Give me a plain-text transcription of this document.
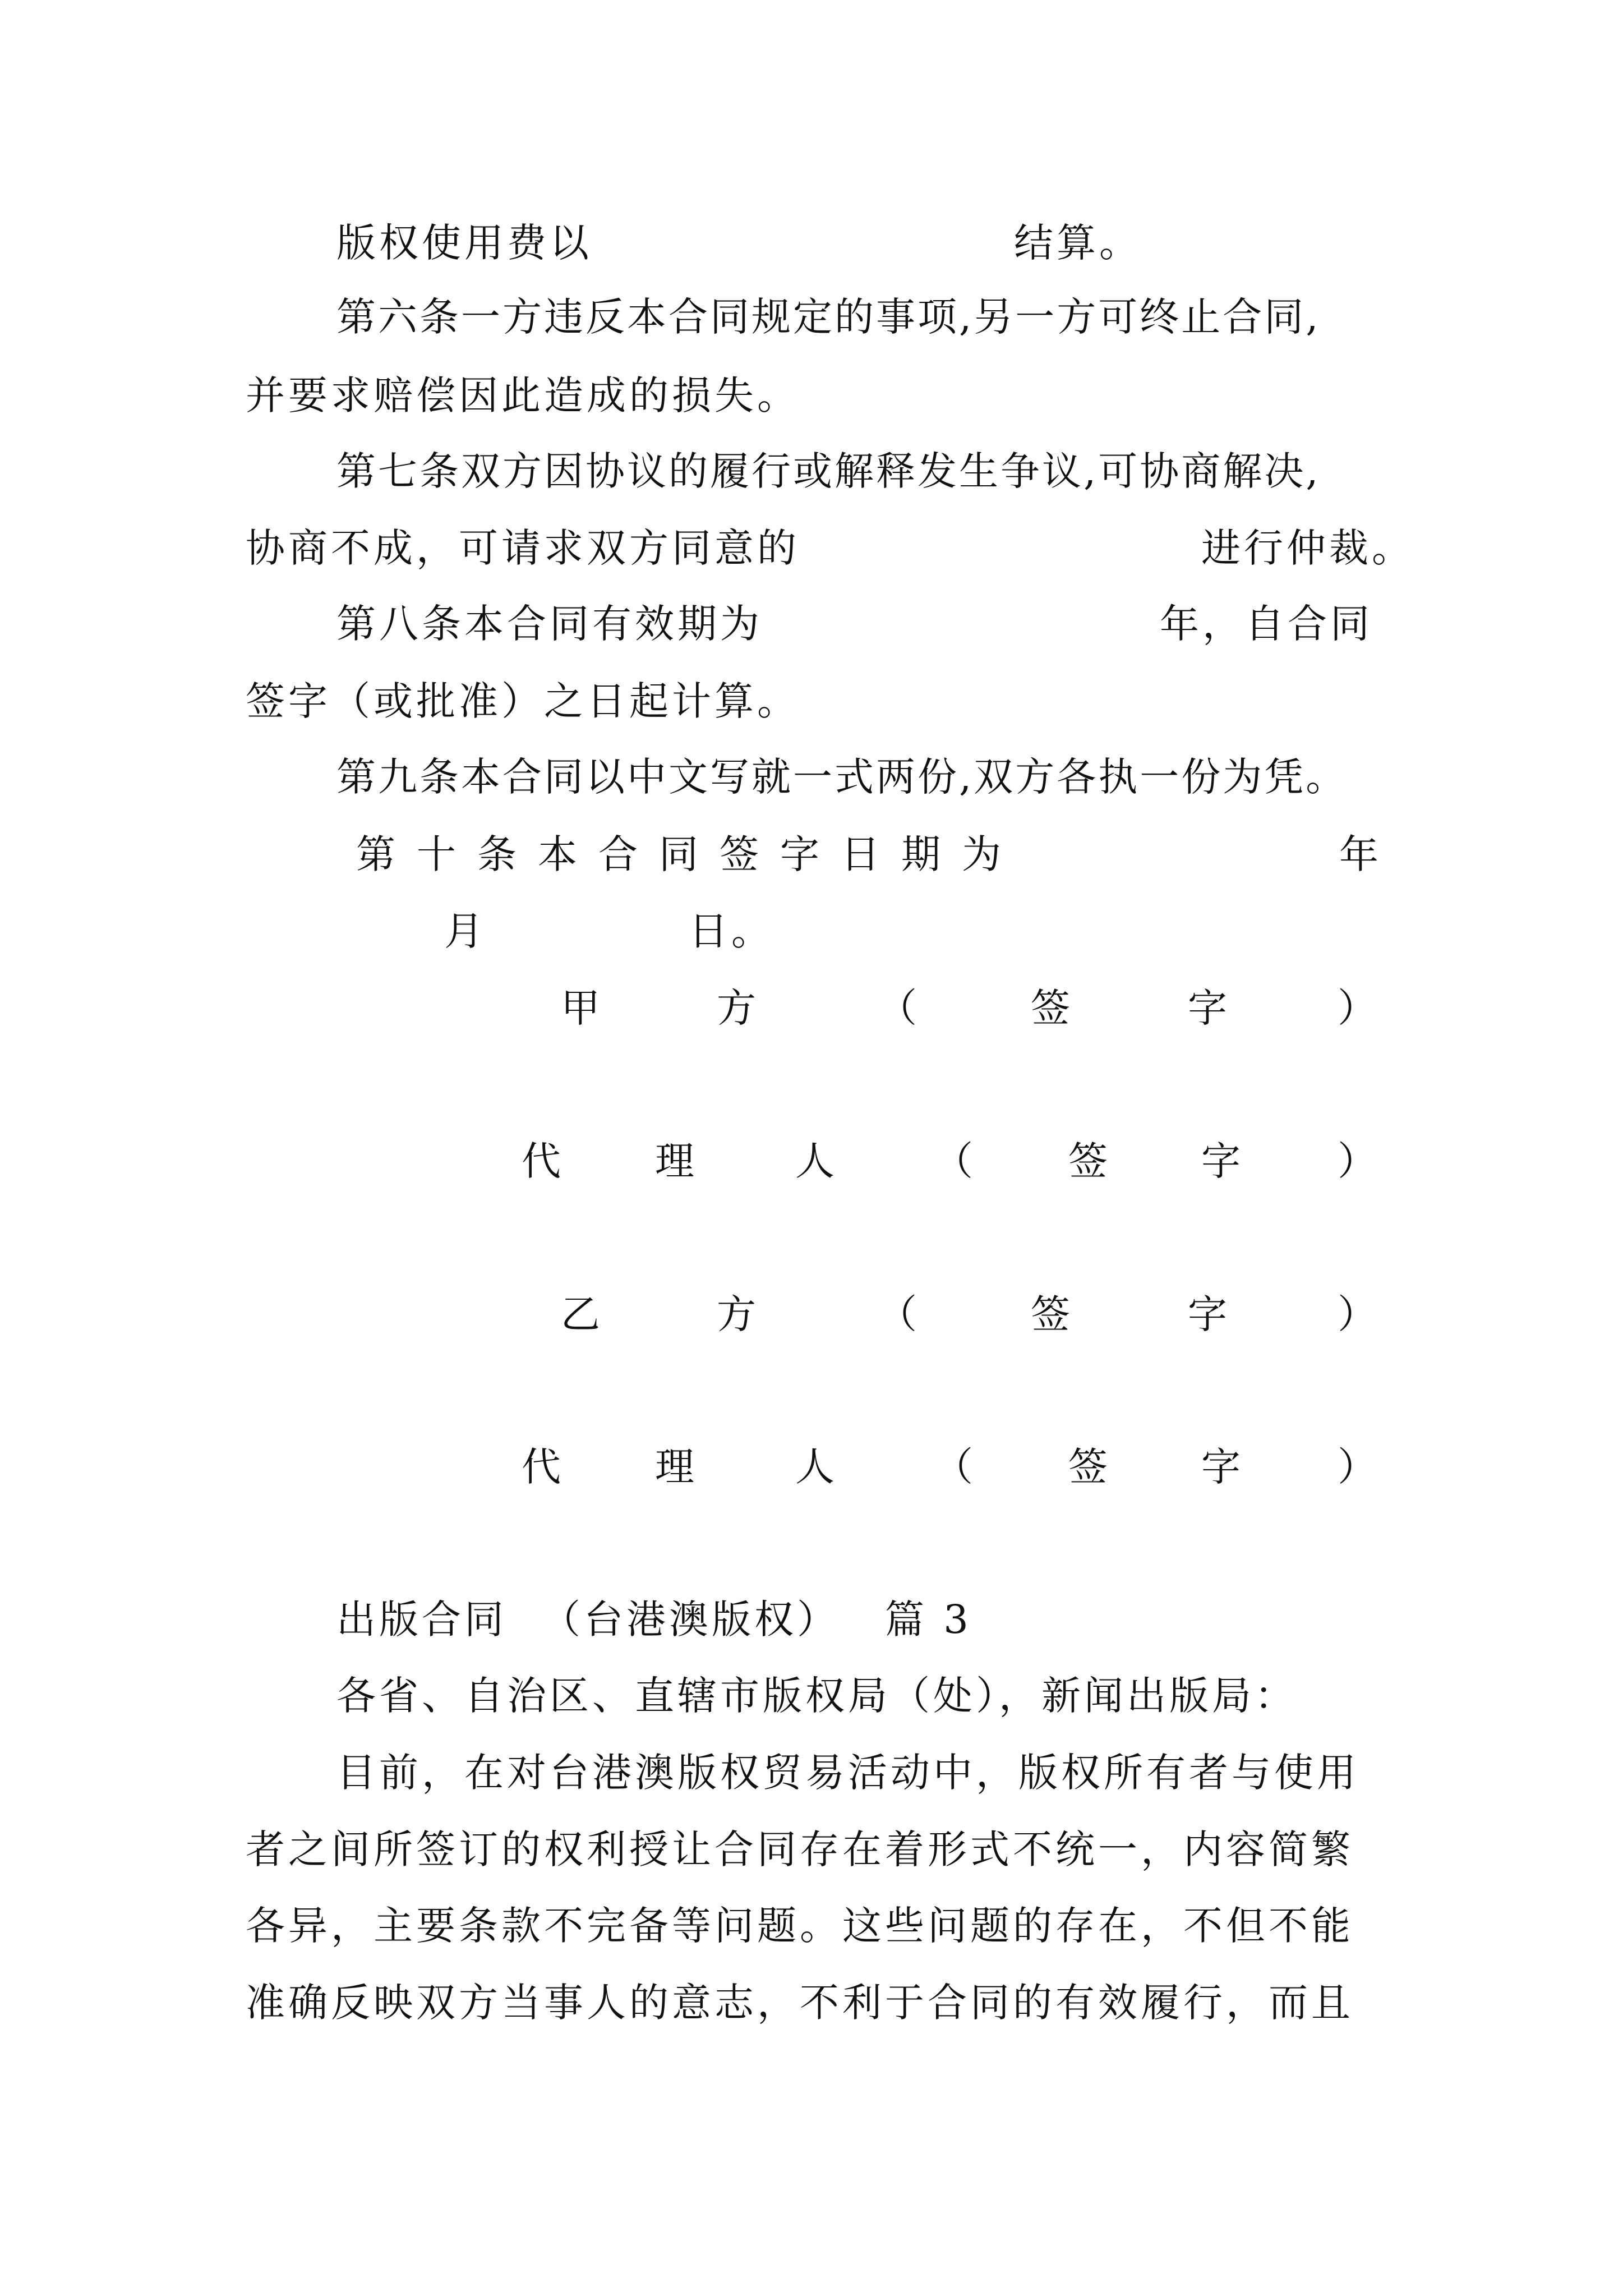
版权使用费以	结算。
第六条一方违反本合同规定的事项,另一方可终止合同,
并要求赔偿因此造成的损失。
第七条双方因协议的履行或解释发生争议,可协商解决,
协商不成，可请求双方同意的	进行仲裁。
第八条本合同有效期为	年，自合同
签字（或批准）之日起计算。
第九条本合同以中文写就一式两份,双方各执一份为凭。
第十条本合同签字日期为	年
月	日。
甲	方	（	签	字	）
代 理	人	（ 签 字 ）
乙	方	（	签	字	）
代 理	人	（ 签 字 ）
出版合同 （台港澳版权） 篇 3
各省、自治区、直辖市版权局（处），新闻出版局：
目前，在对台港澳版权贸易活动中，版权所有者与使用
者之间所签订的权利授让合同存在着形式不统一，内容简繁
各异，主要条款不完备等问题。这些问题的存在，不但不能
准确反映双方当事人的意志，不利于合同的有效履行，而且
